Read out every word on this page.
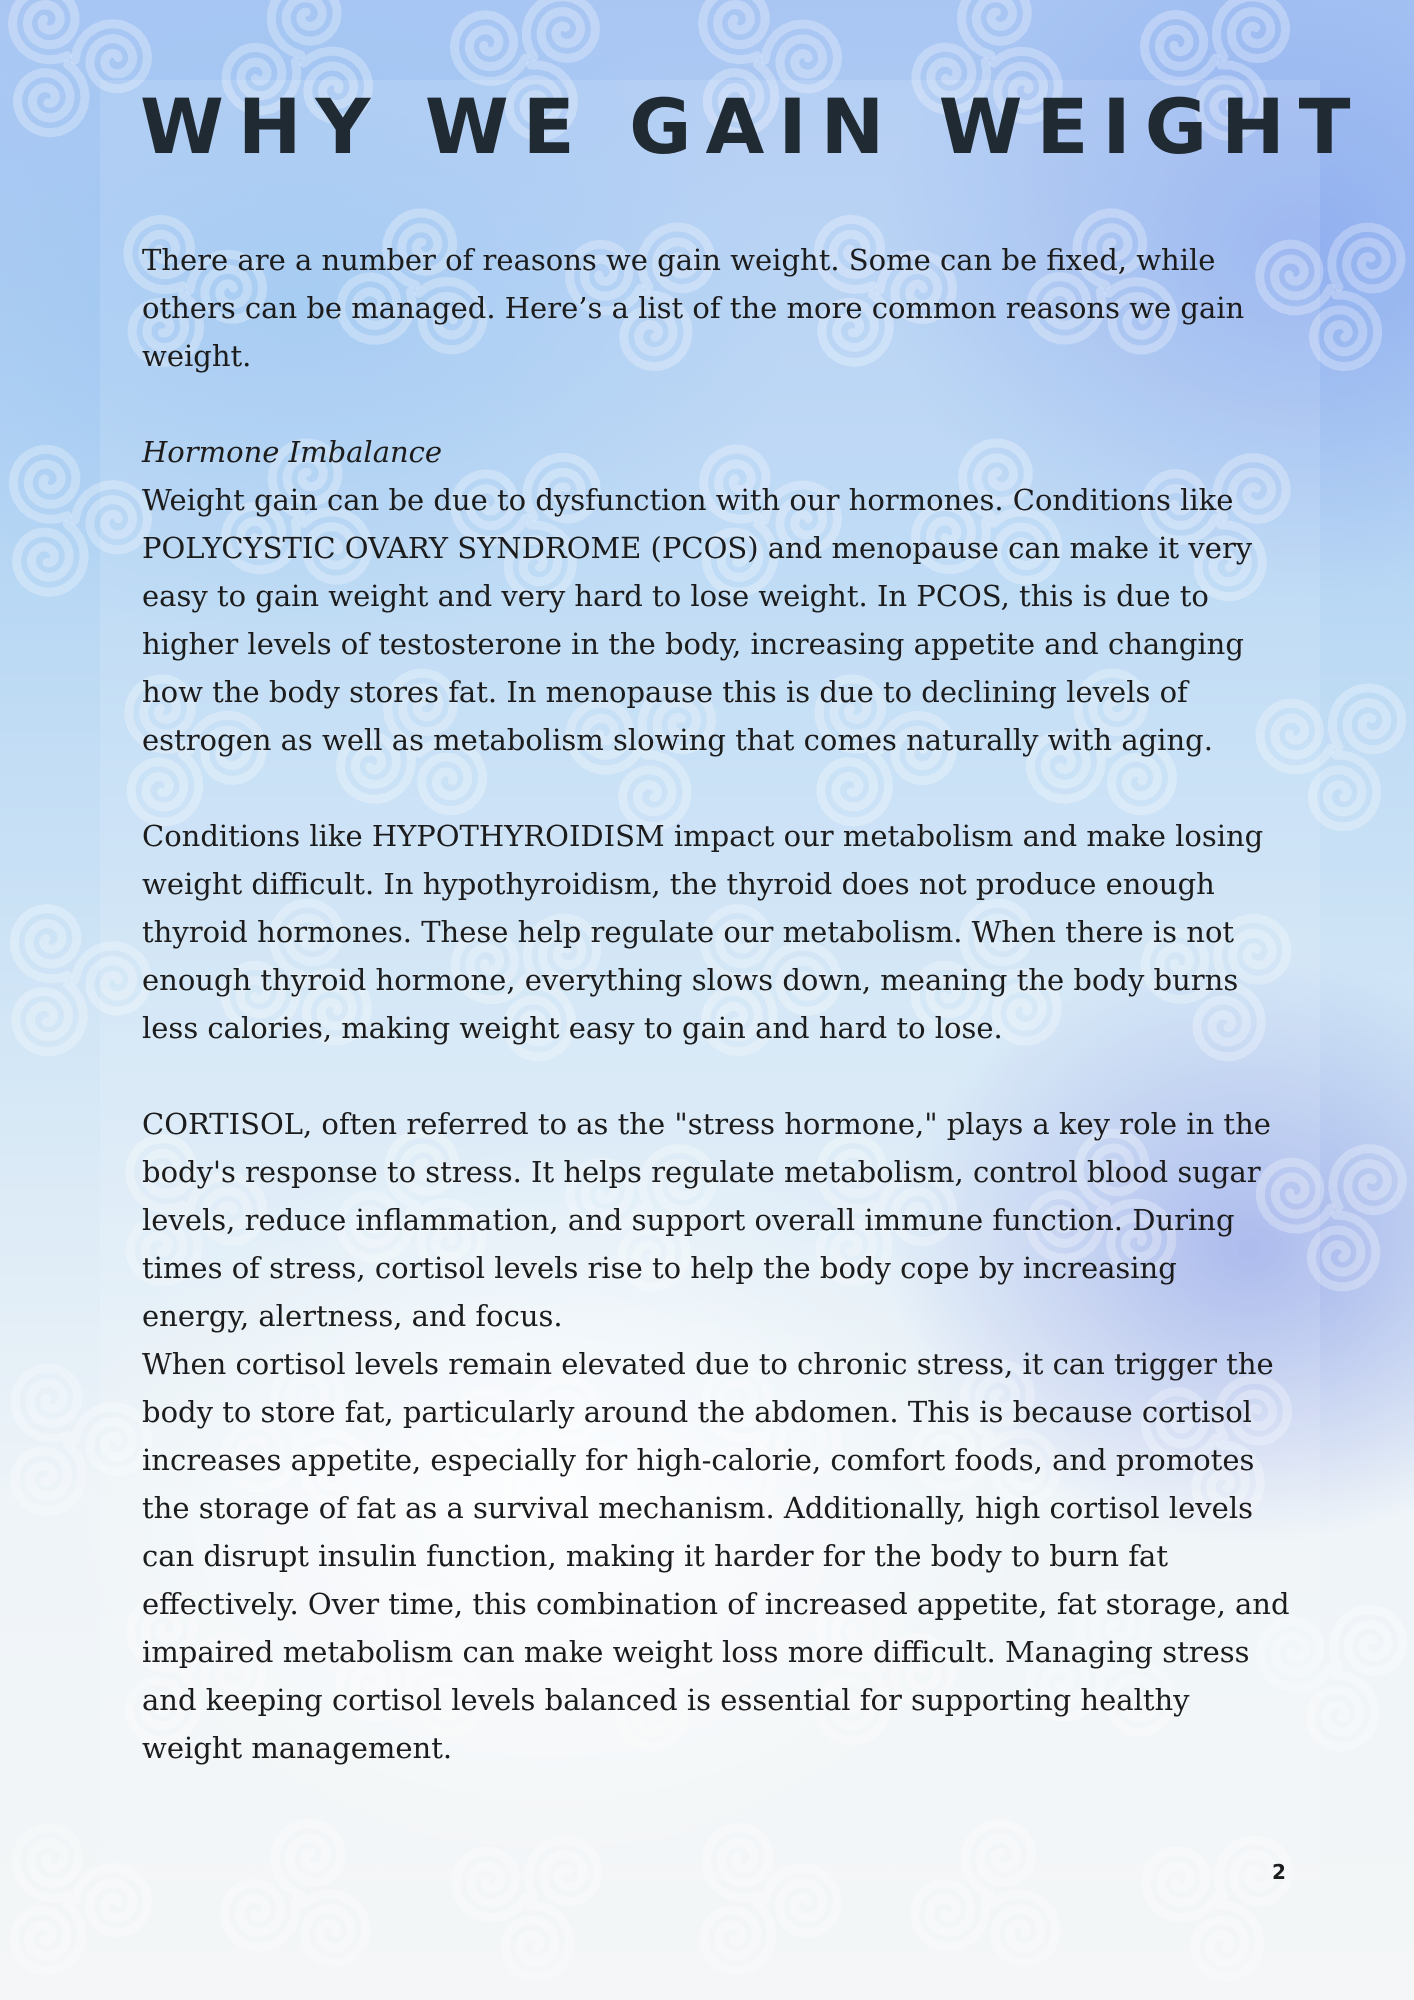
WHY WE GAIN WEIGHT

There are a number of reasons we gain weight. Some can be fixed, while others can be managed. Here’s a list of the more common reasons we gain weight.

Hormone Imbalance
Weight gain can be due to dysfunction with our hormones. Conditions like POLYCYSTIC OVARY SYNDROME (PCOS) and menopause can make it very easy to gain weight and very hard to lose weight. In PCOS, this is due to higher levels of testosterone in the body, increasing appetite and changing how the body stores fat. In menopause this is due to declining levels of estrogen as well as metabolism slowing that comes naturally with aging.

Conditions like HYPOTHYROIDISM impact our metabolism and make losing weight difficult. In hypothyroidism, the thyroid does not produce enough thyroid hormones. These help regulate our metabolism. When there is not enough thyroid hormone, everything slows down, meaning the body burns less calories, making weight easy to gain and hard to lose.

CORTISOL, often referred to as the "stress hormone," plays a key role in the body's response to stress. It helps regulate metabolism, control blood sugar levels, reduce inflammation, and support overall immune function. During times of stress, cortisol levels rise to help the body cope by increasing energy, alertness, and focus.

When cortisol levels remain elevated due to chronic stress, it can trigger the body to store fat, particularly around the abdomen. This is because cortisol increases appetite, especially for high-calorie, comfort foods, and promotes the storage of fat as a survival mechanism. Additionally, high cortisol levels can disrupt insulin function, making it harder for the body to burn fat effectively. Over time, this combination of increased appetite, fat storage, and impaired metabolism can make weight loss more difficult. Managing stress and keeping cortisol levels balanced is essential for supporting healthy weight management.

2
